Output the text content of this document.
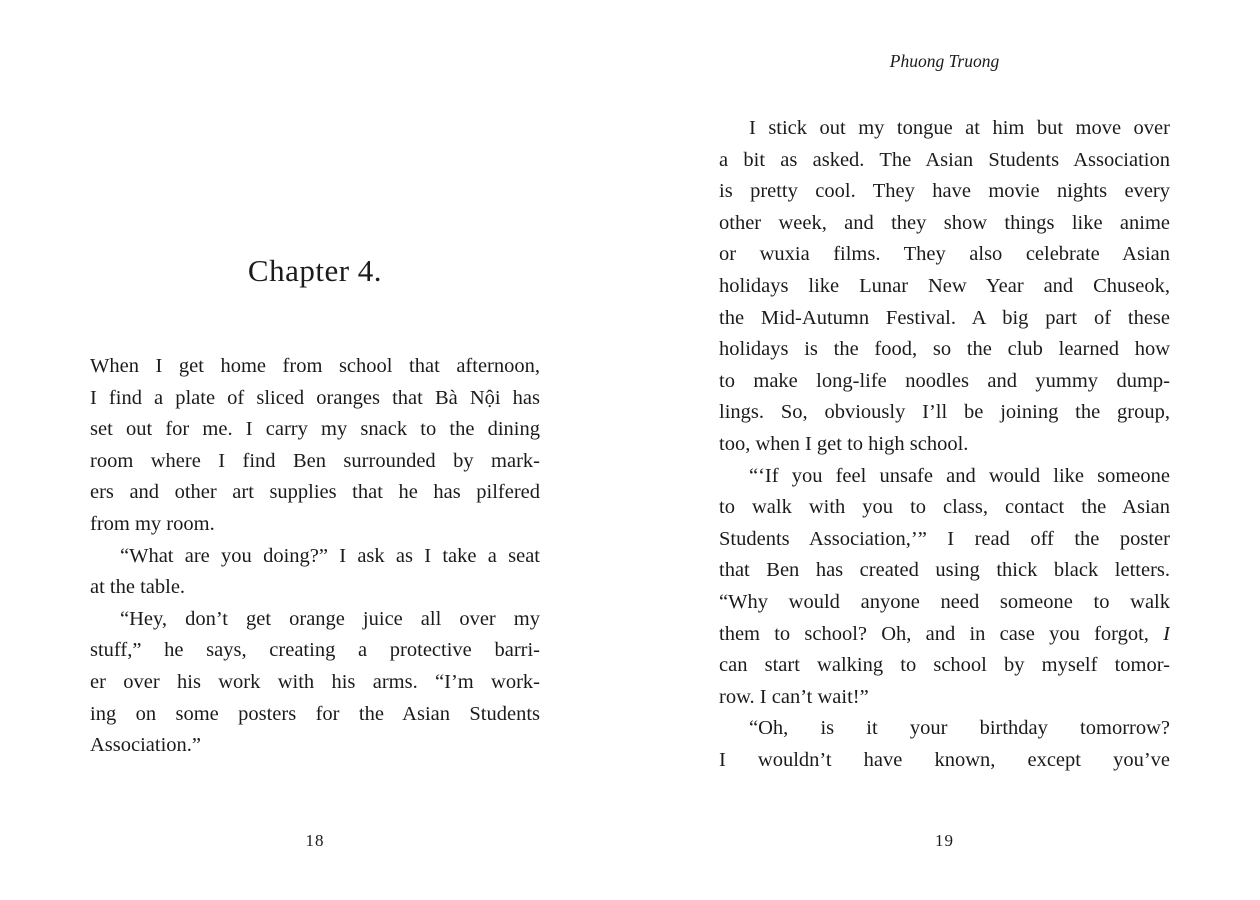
Chapter 4.
When I get home from school that afternoon,
I find a plate of sliced oranges that Bà Nội has
set out for me. I carry my snack to the dining
room where I find Ben surrounded by mark-
ers and other art supplies that he has pilfered
from my room.
“What are you doing?” I ask as I take a seat
at the table.
“Hey, don’t get orange juice all over my
stuff,” he says, creating a protective barri-
er over his work with his arms. “I’m work-
ing on some posters for the Asian Students
Association.”
18
Phuong Truong
I stick out my tongue at him but move over
a bit as asked. The Asian Students Association
is pretty cool. They have movie nights every
other week, and they show things like anime
or wuxia films. They also celebrate Asian
holidays like Lunar New Year and Chuseok,
the Mid-Autumn Festival. A big part of these
holidays is the food, so the club learned how
to make long-life noodles and yummy dump-
lings. So, obviously I’ll be joining the group,
too, when I get to high school.
“‘If you feel unsafe and would like someone
to walk with you to class, contact the Asian
Students Association,’” I read off the poster
that Ben has created using thick black letters.
“Why would anyone need someone to walk
them to school? Oh, and in case you forgot, I
can start walking to school by myself tomor-
row. I can’t wait!”
“Oh, is it your birthday tomorrow?
I wouldn’t have known, except you’ve
19
